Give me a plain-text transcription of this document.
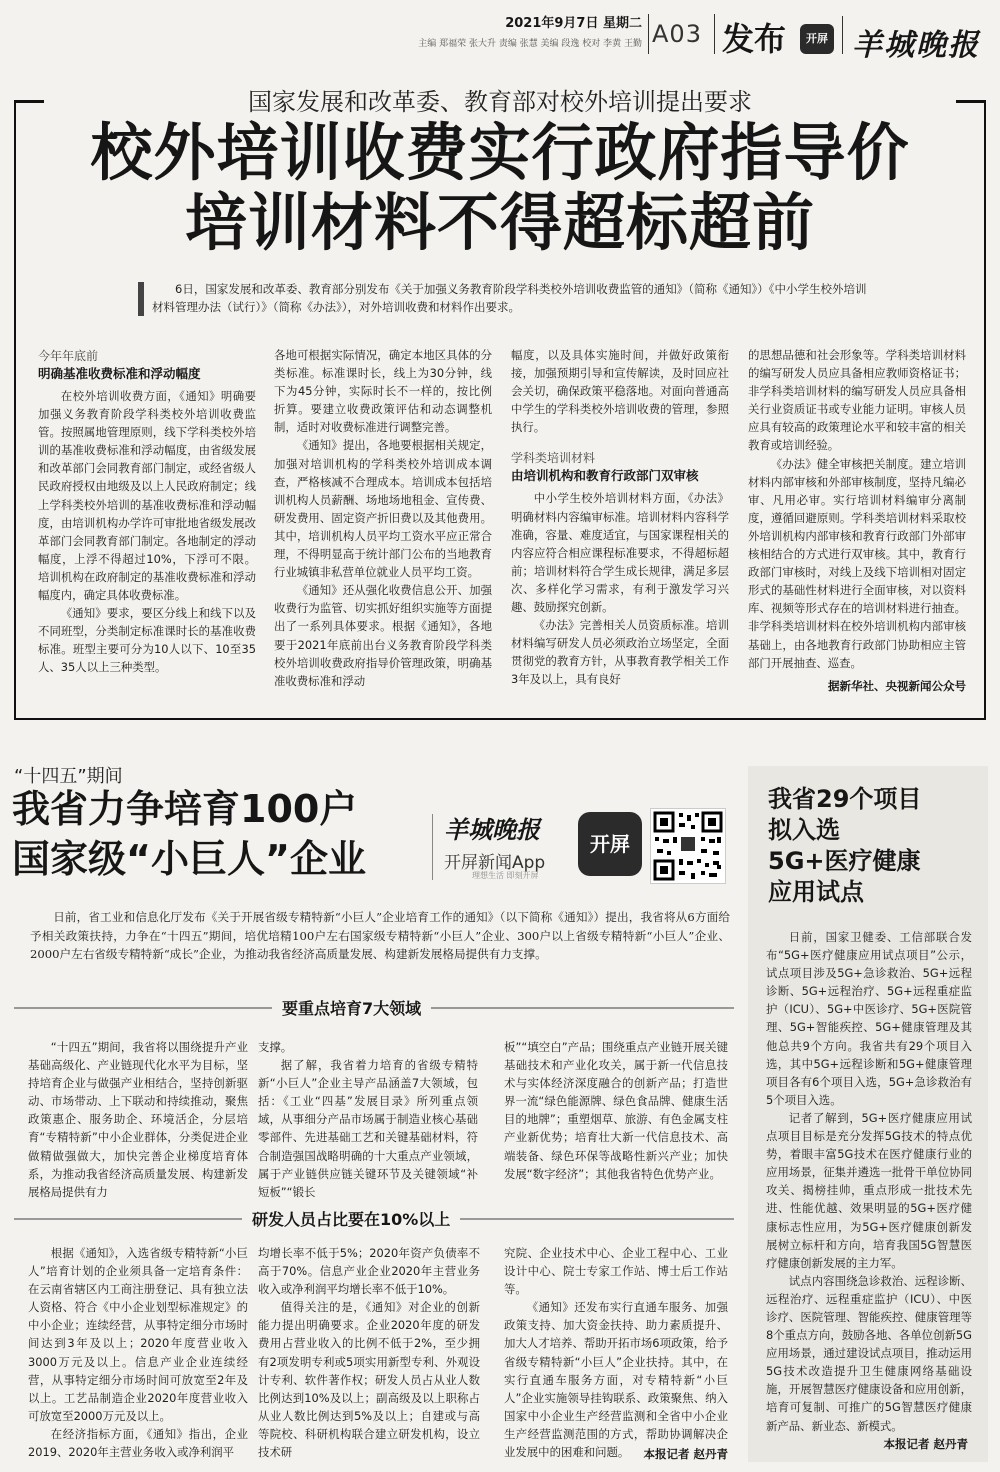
2021年9月7日 星期二
主编 郑福荣 张大升 责编 张慧 美编 段逸 校对 李黄 王勤 A03 发布	开屏 羊城晚报
国家发展和改革委、教育部对校外培训提出要求
校外培训收费实行政府指导价
培训材料不得超标超前
6日，国家发展和改革委、教育部分别发布《关于加强义务教育阶段学科类校外培训收费监管的通知》（简称《通知》）《中小学生校外培训材料管理办法（试行）》（简称《办法》），对外培训收费和材料作出要求。
今年年底前
明确基准收费标准和浮动幅度

在校外培训收费方面，《通知》明确要加强义务教育阶段学科类校外培训收费监管。按照属地管理原则，线下学科类校外培训的基准收费标准和浮动幅度，由省级发展和改革部门会同教育部门制定，或经省级人民政府授权由地级及以上人民政府制定；线上学科类校外培训的基准收费标准和浮动幅度，由培训机构办学许可审批地省级发展改革部门会同教育部门制定。各地制定的浮动幅度，上浮不得超过10%，下浮可不限。培训机构在政府制定的基准收费标准和浮动幅度内，确定具体收费标准。

《通知》要求，要区分线上和线下以及不同班型，分类制定标准课时长的基准收费标准。班型主要可分为10人以下、10至35人、35人以上三种类型。

各地可根据实际情况，确定本地区具体的分类标准。标准课时长，线上为30分钟，线下为45分钟，实际时长不一样的，按比例折算。要建立收费政策评估和动态调整机制，适时对收费标准进行调整完善。

《通知》提出，各地要根据相关规定，加强对培训机构的学科类校外培训成本调查，严格核减不合理成本。培训成本包括培训机构人员薪酬、场地场地租金、宣传费、研发费用、固定资产折旧费以及其他费用。其中，培训机构人员平均工资水平应正常合理，不得明显高于统计部门公布的当地教育行业城镇非私营单位就业人员平均工资。

《通知》还从强化收费信息公开、加强收费行为监管、切实抓好组织实施等方面提出了一系列具体要求。根据《通知》，各地要于2021年底前出台义务教育阶段学科类校外培训收费政府指导价管理政策，明确基准收费标准和浮动

幅度，以及具体实施时间，并做好政策衔接，加强预期引导和宣传解读，及时回应社会关切，确保政策平稳落地。对面向普通高中学生的学科类校外培训收费的管理，参照执行。

学科类培训材料
由培训机构和教育行政部门双审核

中小学生校外培训材料方面，《办法》明确材料内容编审标准。培训材料内容科学准确，容量、难度适宜，与国家课程相关的内容应符合相应课程标准要求，不得超标超前；培训材料符合学生成长规律，满足多层次、多样化学习需求，有利于激发学习兴趣、鼓励探究创新。

《办法》完善相关人员资质标准。培训材料编写研发人员必须政治立场坚定，全面贯彻党的教育方针，从事教育教学相关工作3年及以上，具有良好

的思想品德和社会形象等。学科类培训材料的编写研发人员应具备相应教师资格证书；非学科类培训材料的编写研发人员应具备相关行业资质证书或专业能力证明。审核人员应具有较高的政策理论水平和较丰富的相关教育或培训经验。

《办法》健全审核把关制度。建立培训材料内部审核和外部审核制度，坚持凡编必审、凡用必审。实行培训材料编审分离制度，遵循回避原则。学科类培训材料采取校外培训机构内部审核和教育行政部门外部审核相结合的方式进行双审核。其中，教育行政部门审核时，对线上及线下培训相对固定形式的基础性材料进行全面审核，对以资料库、视频等形式存在的培训材料进行抽查。非学科类培训材料在校外培训机构内部审核基础上，由各地教育行政部门协助相应主管部门开展抽查、巡查。

据新华社、央视新闻公众号
“十四五”期间
我省力争培育100户
国家级“小巨人”企业
羊城晚报
开屏新闻App
理想生活 即刻开屏
开屏
日前，省工业和信息化厅发布《关于开展省级专精特新“小巨人”企业培育工作的通知》（以下简称《通知》）提出，我省将从6方面给予相关政策扶持，力争在“十四五”期间，培优培精100户左右国家级专精特新“小巨人”企业、300户以上省级专精特新“小巨人”企业、2000户左右省级专精特新“成长”企业，为推动我省经济高质量发展、构建新发展格局提供有力支撑。
要重点培育7大领域

“十四五”期间，我省将以围绕提升产业基础高级化、产业链现代化水平为目标，坚持培育企业与做强产业相结合，坚持创新驱动、市场带动、上下联动和持续推动，聚焦政策惠企、服务助企、环境活企，分层培育“专精特新”中小企业群体，分类促进企业做精做强做大，加快完善企业梯度培育体系，为推动我省经济高质量发展、构建新发展格局提供有力

支撑。

据了解，我省着力培育的省级专精特新“小巨人”企业主导产品涵盖7大领域，包括：《工业“四基”发展目录》所列重点领域，从事细分产品市场属于制造业核心基础零部件、先进基础工艺和关键基础材料，符合制造强国战略明确的十大重点产业领域，属于产业链供应链关键环节及关键领域“补短板”“锻长

板”“填空白”产品；围绕重点产业链开展关键基础技术和产业化攻关，属于新一代信息技术与实体经济深度融合的创新产品；打造世界一流“绿色能源牌、绿色食品牌、健康生活目的地牌”；重塑烟草、旅游、有色金属支柱产业新优势；培育壮大新一代信息技术、高端装备、绿色环保等战略性新兴产业；加快发展“数字经济”；其他我省特色优势产业。

研发人员占比要在10%以上

根据《通知》，入选省级专精特新“小巨人”培育计划的企业须具备一定培育条件：在云南省辖区内工商注册登记、具有独立法人资格、符合《中小企业划型标准规定》的中小企业；连续经营，从事特定细分市场时间达到3年及以上；2020年度营业收入3000万元及以上。信息产业企业连续经营，从事特定细分市场时间可放宽至2年及以上。工艺品制造企业2020年度营业收入可放宽至2000万元及以上。

在经济指标方面，《通知》指出，企业2019、2020年主营业务收入或净利润平

均增长率不低于5%；2020年资产负债率不高于70%。信息产业企业2020年主营业务收入或净利润平均增长率不低于10%。

值得关注的是，《通知》对企业的创新能力提出明确要求。企业2020年度的研发费用占营业收入的比例不低于2%，至少拥有2项发明专利或5项实用新型专利、外观设计专利、软件著作权；研发人员占从业人数比例达到10%及以上；副高级及以上职称占从业人数比例达到5%及以上；自建或与高等院校、科研机构联合建立研发机构，设立技术研

究院、企业技术中心、企业工程中心、工业设计中心、院士专家工作站、博士后工作站等。

《通知》还发布实行直通车服务、加强政策支持、加大资金扶持、助力素质提升、加大人才培养、帮助开拓市场6项政策，给予省级专精特新“小巨人”企业扶持。其中，在实行直通车服务方面，对专精特新“小巨人”企业实施领导挂钩联系、政策聚焦、纳入国家中小企业生产经营监测和全省中小企业生产经营监测范围的方式，帮助协调解决企业发展中的困难和问题。	本报记者 赵丹青
我省29个项目
拟入选
5G+医疗健康
应用试点

日前，国家卫健委、工信部联合发布“5G+医疗健康应用试点项目”公示，试点项目涉及5G+急诊救治、5G+远程诊断、5G+远程治疗、5G+远程重症监护（ICU）、5G+中医诊疗、5G+医院管理、5G+智能疾控、5G+健康管理及其他总共9个方向。我省共有29个项目入选，其中5G+远程诊断和5G+健康管理项目各有6个项目入选，5G+急诊救治有5个项目入选。

记者了解到，5G+医疗健康应用试点项目目标是充分发挥5G技术的特点优势，着眼丰富5G技术在医疗健康行业的应用场景，征集并遴选一批骨干单位协同攻关、揭榜挂帅，重点形成一批技术先进、性能优越、效果明显的5G+医疗健康标志性应用，为5G+医疗健康创新发展树立标杆和方向，培育我国5G智慧医疗健康创新发展的主力军。

试点内容围绕急诊救治、远程诊断、远程治疗、远程重症监护（ICU）、中医诊疗、医院管理、智能疾控、健康管理等8个重点方向，鼓励各地、各单位创新5G应用场景，通过建设试点项目，推动运用5G技术改造提升卫生健康网络基础设施，开展智慧医疗健康设备和应用创新，培育可复制、可推广的5G智慧医疗健康新产品、新业态、新模式。

本报记者 赵丹青
